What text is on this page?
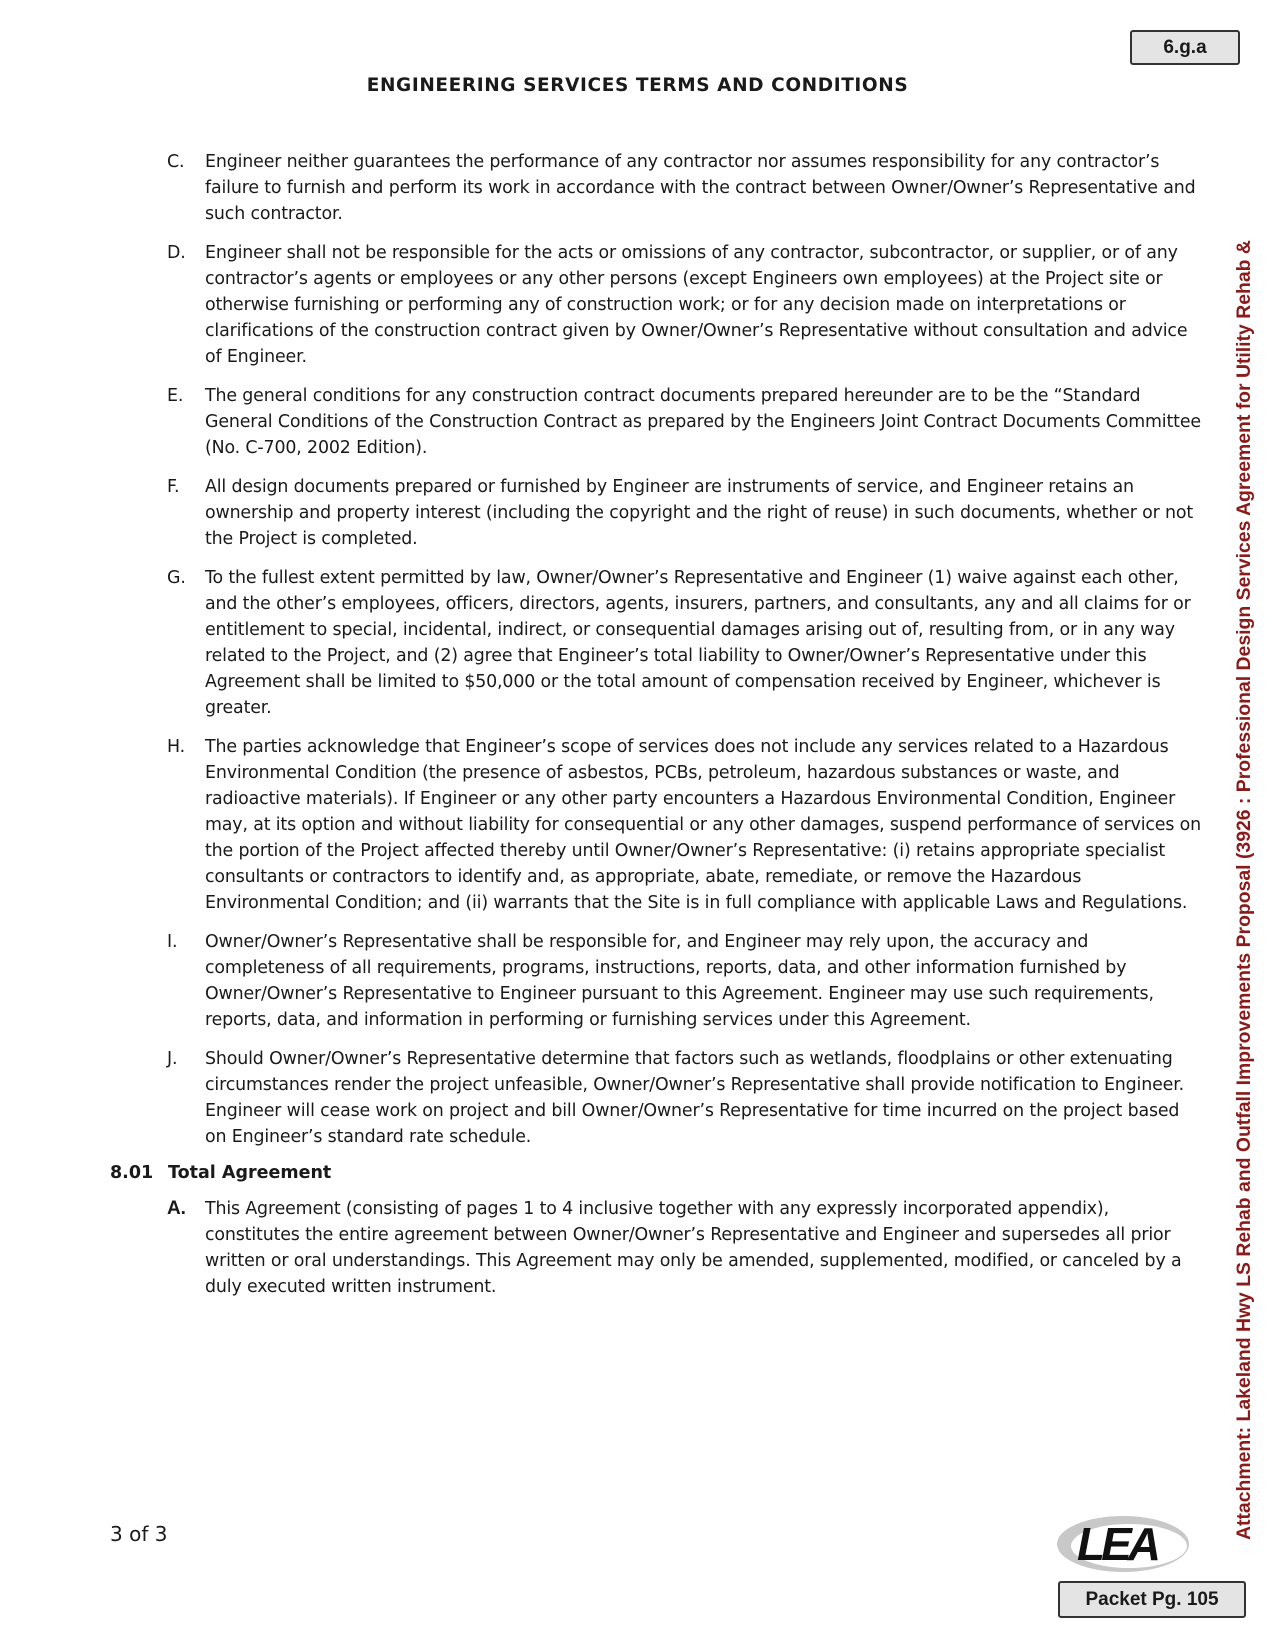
6.g.a
ENGINEERING SERVICES TERMS AND CONDITIONS
C.	Engineer neither guarantees the performance of any contractor nor assumes responsibility for any contractor’s failure to furnish and perform its work in accordance with the contract between Owner/Owner’s Representative and such contractor.
D.	Engineer shall not be responsible for the acts or omissions of any contractor, subcontractor, or supplier, or of any contractor’s agents or employees or any other persons (except Engineers own employees) at the Project site or otherwise furnishing or performing any of construction work; or for any decision made on interpretations or clarifications of the construction contract given by Owner/Owner’s Representative without consultation and advice of Engineer.
E.	The general conditions for any construction contract documents prepared hereunder are to be the “Standard General Conditions of the Construction Contract as prepared by the Engineers Joint Contract Documents Committee (No. C-700, 2002 Edition).
F.	All design documents prepared or furnished by Engineer are instruments of service, and Engineer retains an ownership and property interest (including the copyright and the right of reuse) in such documents, whether or not the Project is completed.
G.	To the fullest extent permitted by law, Owner/Owner’s Representative and Engineer (1) waive against each other, and the other’s employees, officers, directors, agents, insurers, partners, and consultants, any and all claims for or entitlement to special, incidental, indirect, or consequential damages arising out of, resulting from, or in any way related to the Project, and (2) agree that Engineer’s total liability to Owner/Owner’s Representative under this Agreement shall be limited to $50,000 or the total amount of compensation received by Engineer, whichever is greater.
H.	The parties acknowledge that Engineer’s scope of services does not include any services related to a Hazardous Environmental Condition (the presence of asbestos, PCBs, petroleum, hazardous substances or waste, and radioactive materials). If Engineer or any other party encounters a Hazardous Environmental Condition, Engineer may, at its option and without liability for consequential or any other damages, suspend performance of services on the portion of the Project affected thereby until Owner/Owner’s Representative: (i) retains appropriate specialist consultants or contractors to identify and, as appropriate, abate, remediate, or remove the Hazardous Environmental Condition; and (ii) warrants that the Site is in full compliance with applicable Laws and Regulations.
I.	Owner/Owner’s Representative shall be responsible for, and Engineer may rely upon, the accuracy and completeness of all requirements, programs, instructions, reports, data, and other information furnished by Owner/Owner’s Representative to Engineer pursuant to this Agreement. Engineer may use such requirements, reports, data, and information in performing or furnishing services under this Agreement.
J.	Should Owner/Owner’s Representative determine that factors such as wetlands, floodplains or other extenuating circumstances render the project unfeasible, Owner/Owner’s Representative shall provide notification to Engineer. Engineer will cease work on project and bill Owner/Owner’s Representative for time incurred on the project based on Engineer’s standard rate schedule.
8.01 Total Agreement
A.	This Agreement (consisting of pages 1 to 4 inclusive together with any expressly incorporated appendix), constitutes the entire agreement between Owner/Owner’s Representative and Engineer and supersedes all prior written or oral understandings. This Agreement may only be amended, supplemented, modified, or canceled by a duly executed written instrument.	Attachment: Lakeland Hwy LS Rehab and Outfall Improvements Proposal (3926 : Professional Design Services Agreement for Utility Rehab &
3 of 3	LEA
Packet Pg. 105
